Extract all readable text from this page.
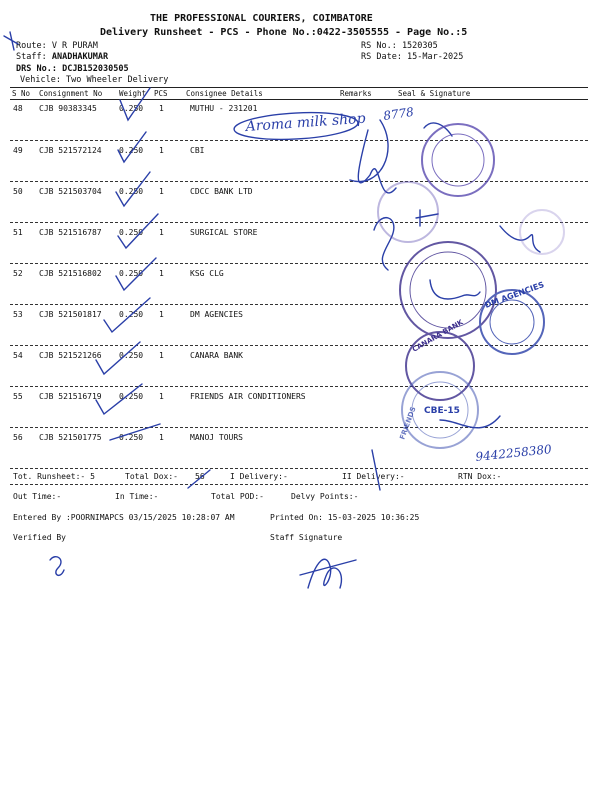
THE PROFESSIONAL COURIERS, COIMBATORE
Delivery Runsheet - PCS - Phone No.:0422-3505555 - Page No.:5
Route: V R PURAM
Staff: ANADHAKUMAR
DRS No.: DCJB152030505
Vehicle: Two Wheeler Delivery
RS No.: 1520305
RS Date: 15-Mar-2025
S No Consignment No Weight PCS Consignee Details	Remarks	Seal & Signature
48 CJB 90383345	0.250 1	MUTHU - 231201
49 CJB 521572124 0.250 1	CBI
50 CJB 521503704 0.250 1	CDCC BANK LTD
51 CJB 521516787 0.250 1	SURGICAL STORE
52 CJB 521516802 0.250 1	KSG CLG
53 CJB 521501817 0.250 1	DM AGENCIES
54 CJB 521521266 0.250 1	CANARA BANK
55 CJB 521516719 0.250 1	FRIENDS AIR CONDITIONERS
56 CJB 521501775 0.250 1	MANOJ TOURS
Tot. Runsheet:- 5	Total Dox:- 56	I Delivery:-	II Delivery:-	RTN Dox:-
Out Time:-	In Time:-	Total POD:-	Delvy Points:-
Entered By :POORNIMAPCS 03/15/2025 10:28:07 AM	Printed On: 15-03-2025 10:36:25
Verified By	Staff Signature
Aroma milk shop 8778
9442258380
DM AGENCIES
CANARA BANK
CBE-15
FRIENDS
